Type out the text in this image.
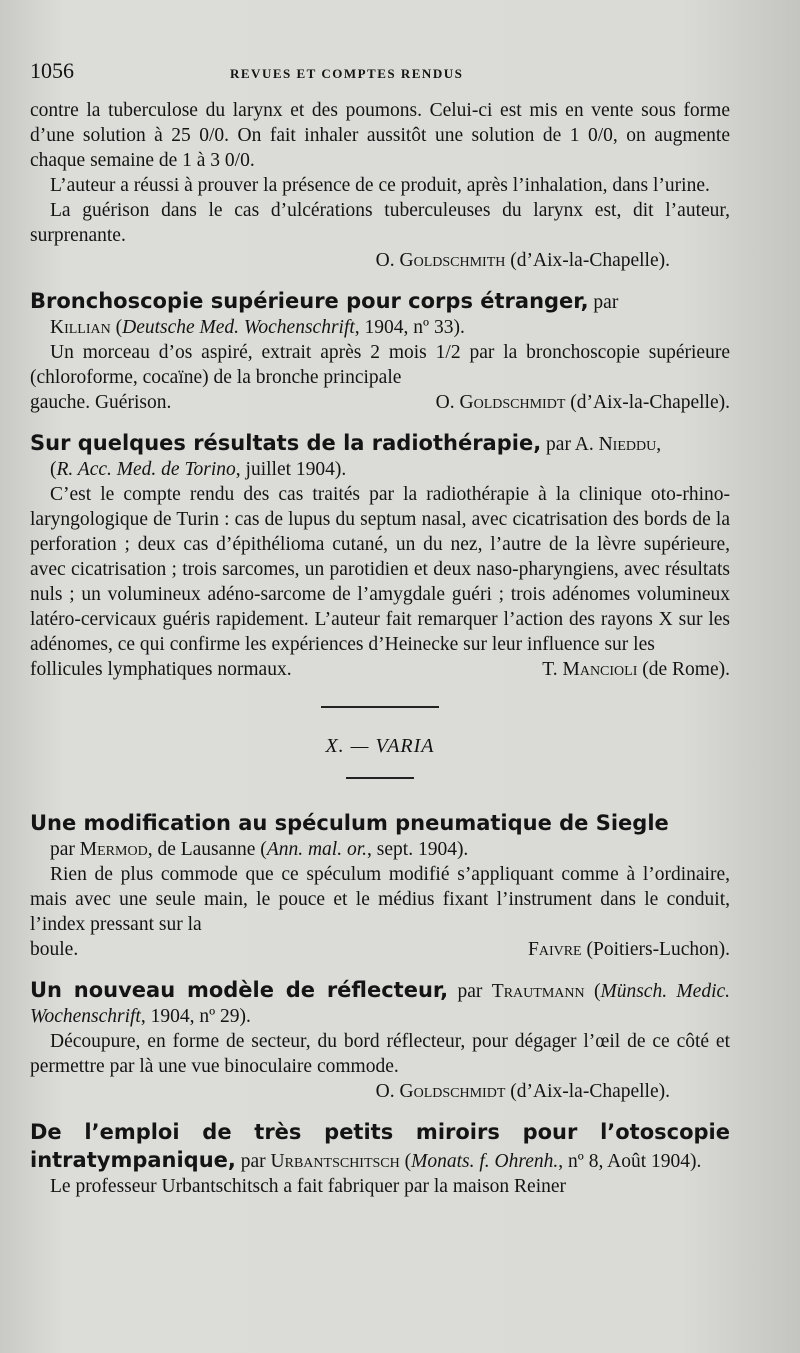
1056	REVUES ET COMPTES RENDUS

contre la tuberculose du larynx et des poumons. Celui-ci est mis en vente sous forme d’une solution à 25 0/0. On fait inhaler aussitôt une solution de 1 0/0, on augmente chaque semaine de 1 à 3 0/0.

L’auteur a réussi à prouver la présence de ce produit, après l’inhalation, dans l’urine.

La guérison dans le cas d’ulcérations tuberculeuses du larynx est, dit l’auteur, surprenante.

O. Goldschmith (d’Aix-la-Chapelle).

Bronchoscopie supérieure pour corps étranger, par

Killian (Deutsche Med. Wochenschrift, 1904, nº 33).

Un morceau d’os aspiré, extrait après 2 mois 1/2 par la bronchoscopie supérieure (chloroforme, cocaïne) de la bronche principale

gauche. Guérison.	O. Goldschmidt (d’Aix-la-Chapelle).
Sur quelques résultats de la radiothérapie, par A. Nieddu,

(R. Acc. Med. de Torino, juillet 1904).

C’est le compte rendu des cas traités par la radiothérapie à la clinique oto-rhino-laryngologique de Turin : cas de lupus du septum nasal, avec cicatrisation des bords de la perforation ; deux cas d’épithélioma cutané, un du nez, l’autre de la lèvre supérieure, avec cicatrisation ; trois sarcomes, un parotidien et deux naso-pharyngiens, avec résultats nuls ; un volumineux adéno-sarcome de l’amygdale guéri ; trois adénomes volumineux latéro-cervicaux guéris rapidement. L’auteur fait remarquer l’action des rayons X sur les adénomes, ce qui confirme les expériences d’Heinecke sur leur influence sur les

follicules lymphatiques normaux.	T. Mancioli (de Rome).
X. — VARIA
Une modification au spéculum pneumatique de Siegle

par Mermod, de Lausanne (Ann. mal. or., sept. 1904).

Rien de plus commode que ce spéculum modifié s’appliquant comme à l’ordinaire, mais avec une seule main, le pouce et le médius fixant l’instrument dans le conduit, l’index pressant sur la

boule.	Faivre (Poitiers-Luchon).
Un nouveau modèle de réflecteur, par Trautmann (Münsch. Medic. Wochenschrift, 1904, nº 29).

Découpure, en forme de secteur, du bord réflecteur, pour dégager l’œil de ce côté et permettre par là une vue binoculaire commode.

O. Goldschmidt (d’Aix-la-Chapelle).

De l’emploi de très petits miroirs pour l’otoscopie intratympanique, par Urbantschitsch (Monats. f. Ohrenh., nº 8, Août 1904).

Le professeur Urbantschitsch a fait fabriquer par la maison Reiner
